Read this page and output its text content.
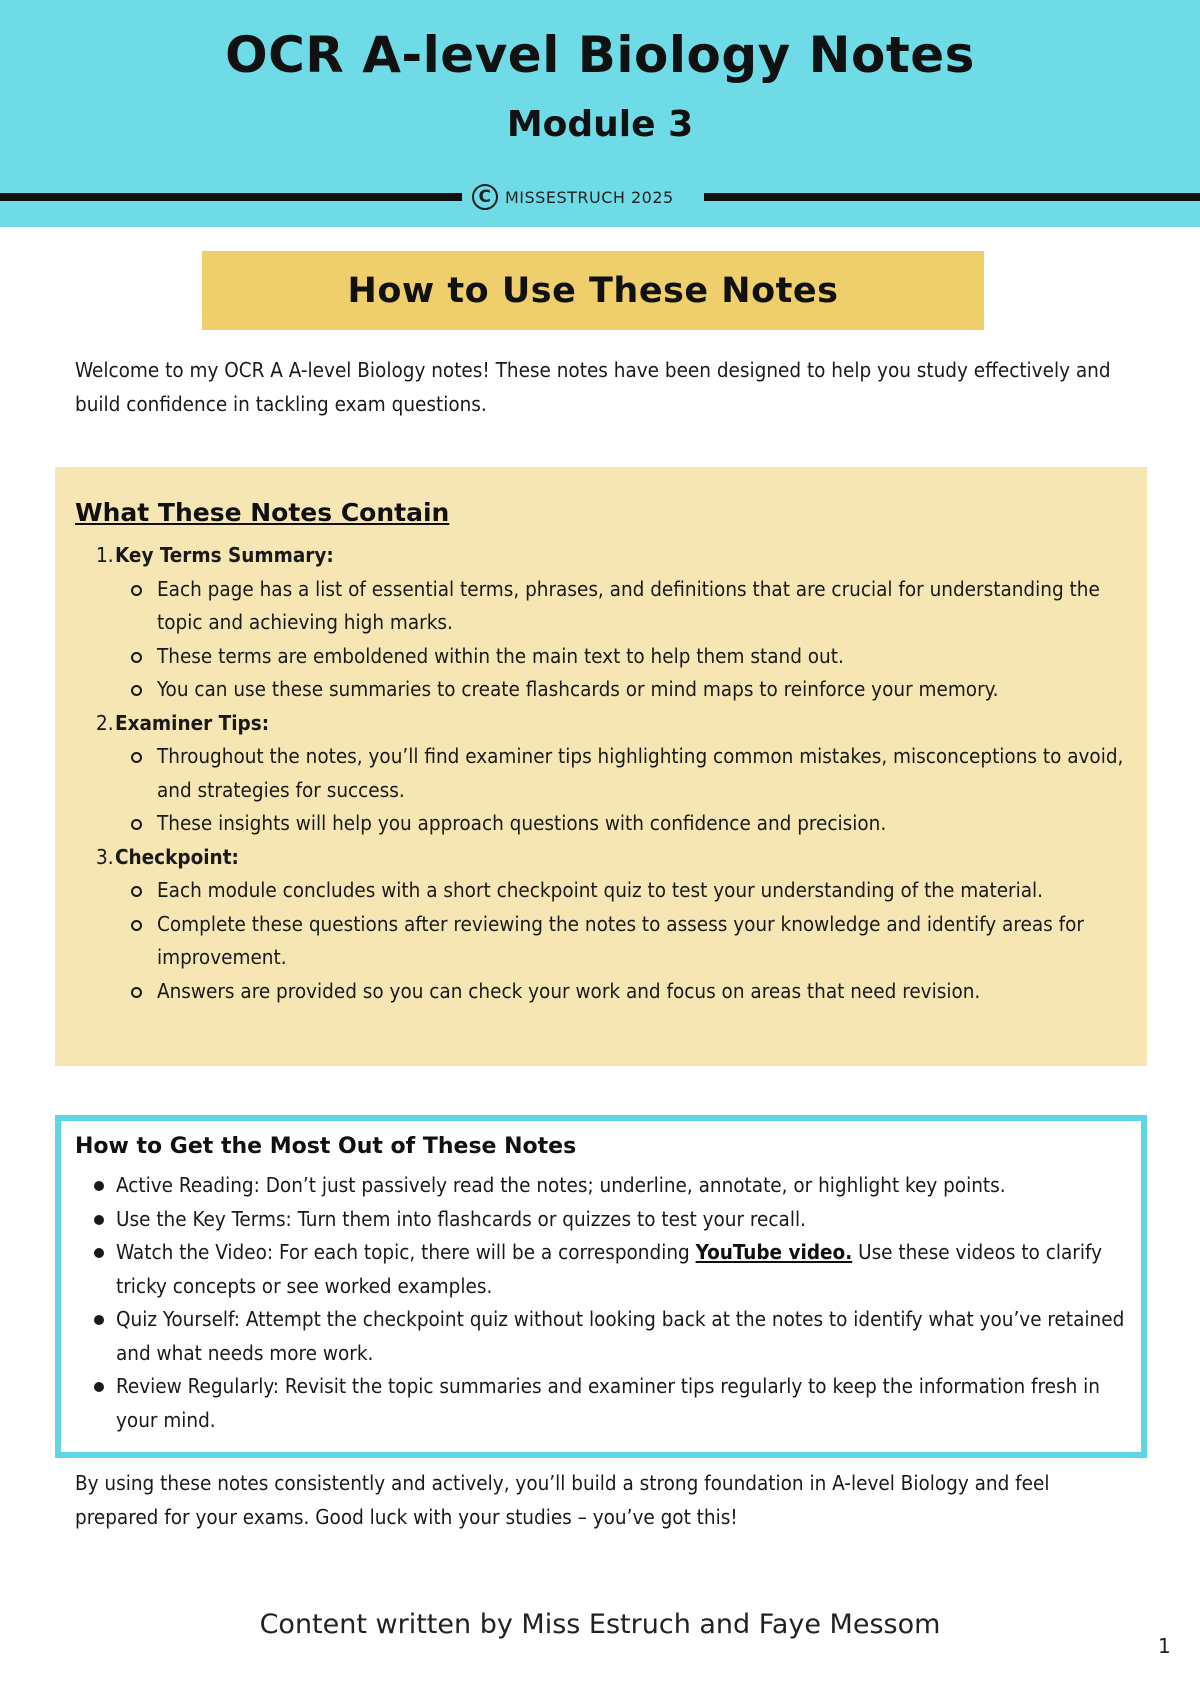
OCR A-level Biology Notes
Module 3
C MISSESTRUCH 2025
How to Use These Notes

Welcome to my OCR A A-level Biology notes! These notes have been designed to help you study effectively and build confidence in tackling exam questions.

What These Notes Contain
1. Key Terms Summary:
Each page has a list of essential terms, phrases, and definitions that are crucial for understanding the topic and achieving high marks.
These terms are emboldened within the main text to help them stand out.
You can use these summaries to create flashcards or mind maps to reinforce your memory.
2. Examiner Tips:
Throughout the notes, you’ll find examiner tips highlighting common mistakes, misconceptions to avoid, and strategies for success.
These insights will help you approach questions with confidence and precision.
3. Checkpoint:
Each module concludes with a short checkpoint quiz to test your understanding of the material.
Complete these questions after reviewing the notes to assess your knowledge and identify areas for improvement.
Answers are provided so you can check your work and focus on areas that need revision.
How to Get the Most Out of These Notes
Active Reading: Don’t just passively read the notes; underline, annotate, or highlight key points.
Use the Key Terms: Turn them into flashcards or quizzes to test your recall.
Watch the Video: For each topic, there will be a corresponding YouTube video. Use these videos to clarify tricky concepts or see worked examples.
Quiz Yourself: Attempt the checkpoint quiz without looking back at the notes to identify what you’ve retained and what needs more work.
Review Regularly: Revisit the topic summaries and examiner tips regularly to keep the information fresh in your mind.

By using these notes consistently and actively, you’ll build a strong foundation in A-level Biology and feel prepared for your exams. Good luck with your studies – you’ve got this!

Content written by Miss Estruch and Faye Messom
1
